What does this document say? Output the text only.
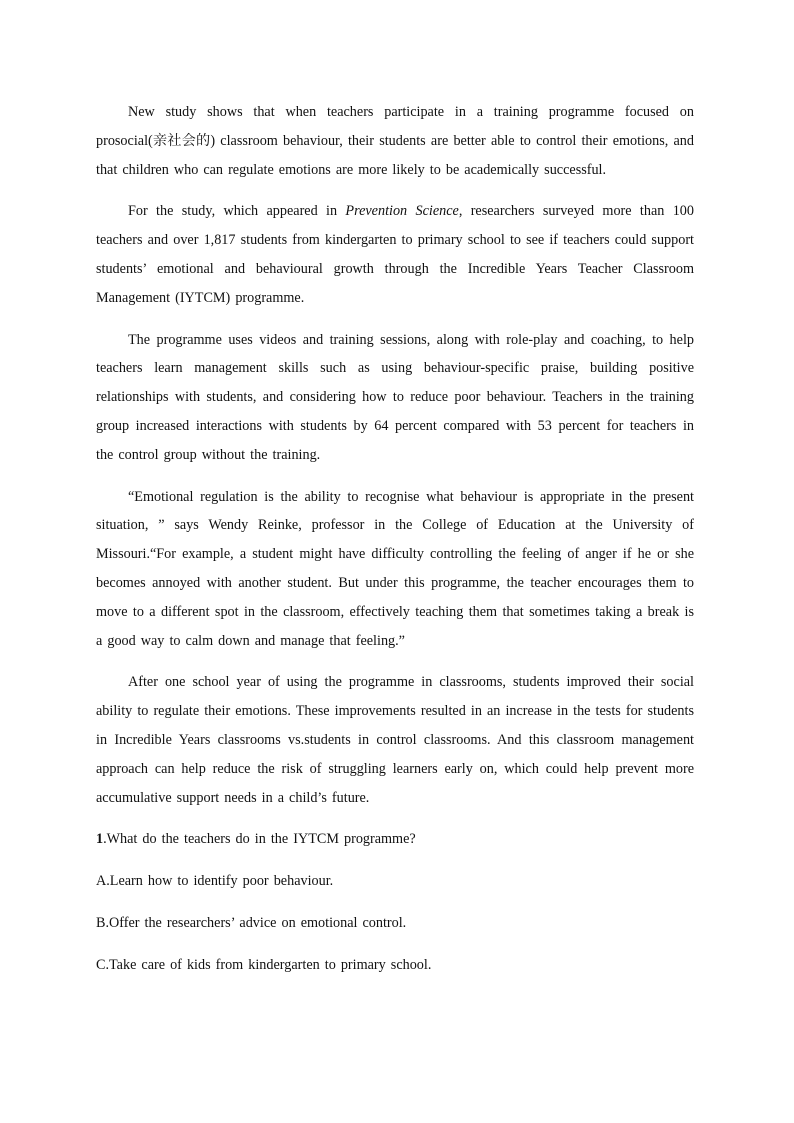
New study shows that when teachers participate in a training programme focused on prosocial(亲社会的) classroom behaviour, their students are better able to control their emotions, and that children who can regulate emotions are more likely to be academically successful.

For the study, which appeared in Prevention Science, researchers surveyed more than 100 teachers and over 1,817 students from kindergarten to primary school to see if teachers could support students’ emotional and behavioural growth through the Incredible Years Teacher Classroom Management (IYTCM) programme.

The programme uses videos and training sessions, along with role-play and coaching, to help teachers learn management skills such as using behaviour-specific praise, building positive relationships with students, and considering how to reduce poor behaviour. Teachers in the training group increased interactions with students by 64 percent compared with 53 percent for teachers in the control group without the training.

“Emotional regulation is the ability to recognise what behaviour is appropriate in the present situation, ” says Wendy Reinke, professor in the College of Education at the University of Missouri.“For example, a student might have difficulty controlling the feeling of anger if he or she becomes annoyed with another student. But under this programme, the teacher encourages them to move to a different spot in the classroom, effectively teaching them that sometimes taking a break is a good way to calm down and manage that feeling.”

After one school year of using the programme in classrooms, students improved their social ability to regulate their emotions. These improvements resulted in an increase in the tests for students in Incredible Years classrooms vs.students in control classrooms. And this classroom management approach can help reduce the risk of struggling learners early on, which could help prevent more accumulative support needs in a child’s future.

1.What do the teachers do in the IYTCM programme?

A.Learn how to identify poor behaviour.

B.Offer the researchers’ advice on emotional control.

C.Take care of kids from kindergarten to primary school.
